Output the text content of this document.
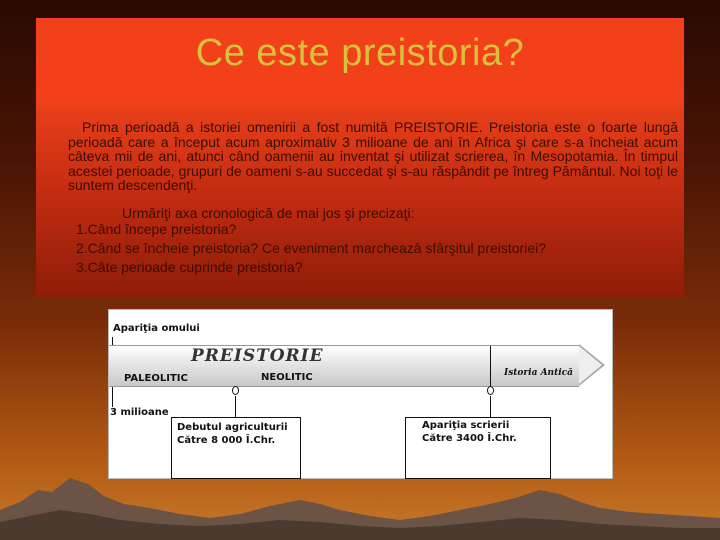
Ce este preistoria?

Prima perioadă a istoriei omenirii a fost numită PREISTORIE. Preistoria este o foarte lungă perioadă care a început acum aproximativ 3 milioane de ani în Africa şi care s-a încheiat acum câteva mii de ani, atunci când oamenii au inventat şi utilizat scrierea, în Mesopotamia. În timpul acestei perioade, grupuri de oameni s-au succedat şi s-au răspândit pe întreg Pământul. Noi toţi le suntem descendenţi.

Urmăriţi axa cronologică de mai jos şi precizaţi:

1.Când începe preistoria?

2.Când se încheie preistoria? Ce eveniment marchează sfârşitul preistoriei?

3.Câte perioade cuprinde preistoria?

Apariţia omului
PREISTORIE
PALEOLITIC	NEOLITIC	Istoria Antică
3 milioane
Debutul agriculturii
Către 8 000 Î.Chr.
Apariţia scrierii
Către 3400 Î.Chr.
